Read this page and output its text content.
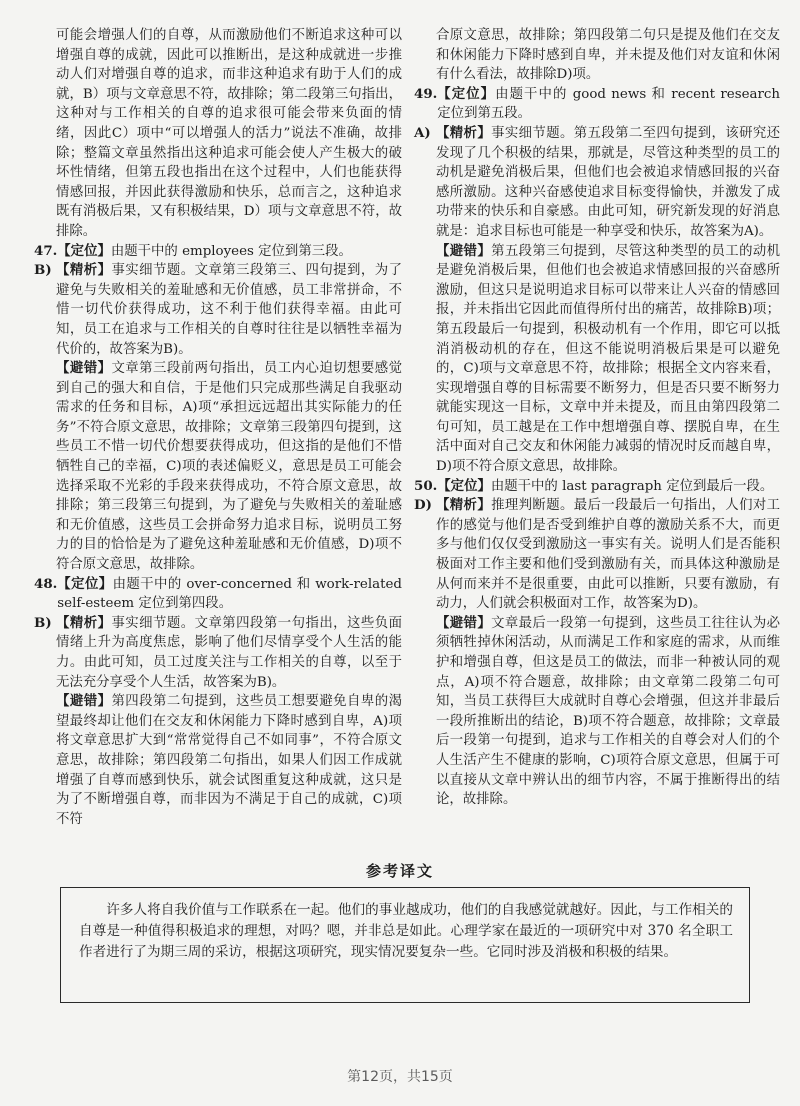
可能会增强人们的自尊，从而激励他们不断追求这种可以增强自尊的成就，因此可以推断出，是这种成就进一步推动人们对增强自尊的追求，而非这种追求有助于人们的成就，B）项与文章意思不符，故排除；第二段第三句指出，这种对与工作相关的自尊的追求很可能会带来负面的情绪，因此C）项中“可以增强人的活力”说法不准确，故排除；整篇文章虽然指出这种追求可能会使人产生极大的破坏性情绪，但第五段也指出在这个过程中，人们也能获得情感回报，并因此获得激励和快乐，总而言之，这种追求既有消极后果，又有积极结果，D）项与文章意思不符，故排除。
47. 【定位】由题干中的 employees 定位到第三段。
B) 【精析】事实细节题。文章第三段第三、四句提到，为了避免与失败相关的羞耻感和无价值感，员工非常拼命，不惜一切代价获得成功，这不利于他们获得幸福。由此可知，员工在追求与工作相关的自尊时往往是以牺牲幸福为代价的，故答案为B)。
【避错】文章第三段前两句指出，员工内心迫切想要感觉到自己的强大和自信，于是他们只完成那些满足自我驱动需求的任务和目标，A)项“承担远远超出其实际能力的任务”不符合原文意思，故排除；文章第三段第四句提到，这些员工不惜一切代价想要获得成功，但这指的是他们不惜牺牲自己的幸福，C)项的表述偏贬义，意思是员工可能会选择采取不光彩的手段来获得成功，不符合原文意思，故排除；第三段第三句提到，为了避免与失败相关的羞耻感和无价值感，这些员工会拼命努力追求目标，说明员工努力的目的恰恰是为了避免这种羞耻感和无价值感，D)项不符合原文意思，故排除。
48. 【定位】由题干中的 over-concerned 和 work-related self-esteem 定位到第四段。
B) 【精析】事实细节题。文章第四段第一句指出，这些负面情绪上升为高度焦虑，影响了他们尽情享受个人生活的能力。由此可知，员工过度关注与工作相关的自尊，以至于无法充分享受个人生活，故答案为B)。
【避错】第四段第二句提到，这些员工想要避免自卑的渴望最终却让他们在交友和休闲能力下降时感到自卑，A)项将文章意思扩大到“常常觉得自己不如同事”，不符合原文意思，故排除；第四段第二句指出，如果人们因工作成就增强了自尊而感到快乐，就会试图重复这种成就，这只是为了不断增强自尊，而非因为不满足于自己的成就，C)项不符
合原文意思，故排除；第四段第二句只是提及他们在交友和休闲能力下降时感到自卑，并未提及他们对友谊和休闲有什么看法，故排除D)项。
49. 【定位】由题干中的 good news 和 recent research 定位到第五段。
A) 【精析】事实细节题。第五段第二至四句提到，该研究还发现了几个积极的结果，那就是，尽管这种类型的员工的动机是避免消极后果，但他们也会被追求情感回报的兴奋感所激励。这种兴奋感使追求目标变得愉快，并激发了成功带来的快乐和自豪感。由此可知，研究新发现的好消息就是：追求目标也可能是一种享受和快乐，故答案为A)。
【避错】第五段第三句提到，尽管这种类型的员工的动机是避免消极后果，但他们也会被追求情感回报的兴奋感所激励，但这只是说明追求目标可以带来让人兴奋的情感回报，并未指出它因此而值得所付出的痛苦，故排除B)项；第五段最后一句提到，积极动机有一个作用，即它可以抵消消极动机的存在，但这不能说明消极后果是可以避免的，C)项与文章意思不符，故排除；根据全文内容来看，实现增强自尊的目标需要不断努力，但是否只要不断努力就能实现这一目标，文章中并未提及，而且由第四段第二句可知，员工越是在工作中想增强自尊、摆脱自卑，在生活中面对自己交友和休闲能力减弱的情况时反而越自卑，D)项不符合原文意思，故排除。
50. 【定位】由题干中的 last paragraph 定位到最后一段。
D) 【精析】推理判断题。最后一段最后一句指出，人们对工作的感觉与他们是否受到维护自尊的激励关系不大，而更多与他们仅仅受到激励这一事实有关。说明人们是否能积极面对工作主要和他们受到激励有关，而具体这种激励是从何而来并不是很重要，由此可以推断，只要有激励，有动力，人们就会积极面对工作，故答案为D)。
【避错】文章最后一段第一句提到，这些员工往往认为必须牺牲掉休闲活动，从而满足工作和家庭的需求，从而维护和增强自尊，但这是员工的做法，而非一种被认同的观点，A)项不符合题意，故排除；由文章第二段第二句可知，当员工获得巨大成就时自尊心会增强，但这并非最后一段所推断出的结论，B)项不符合题意，故排除；文章最后一段第一句提到，追求与工作相关的自尊会对人们的个人生活产生不健康的影响，C)项符合原文意思，但属于可以直接从文章中辨认出的细节内容，不属于推断得出的结论，故排除。
参考译文

许多人将自我价值与工作联系在一起。他们的事业越成功，他们的自我感觉就越好。因此，与工作相关的自尊是一种值得积极追求的理想，对吗？嗯，并非总是如此。心理学家在最近的一项研究中对 370 名全职工作者进行了为期三周的采访，根据这项研究，现实情况要复杂一些。它同时涉及消极和积极的结果。

第12页，共15页
